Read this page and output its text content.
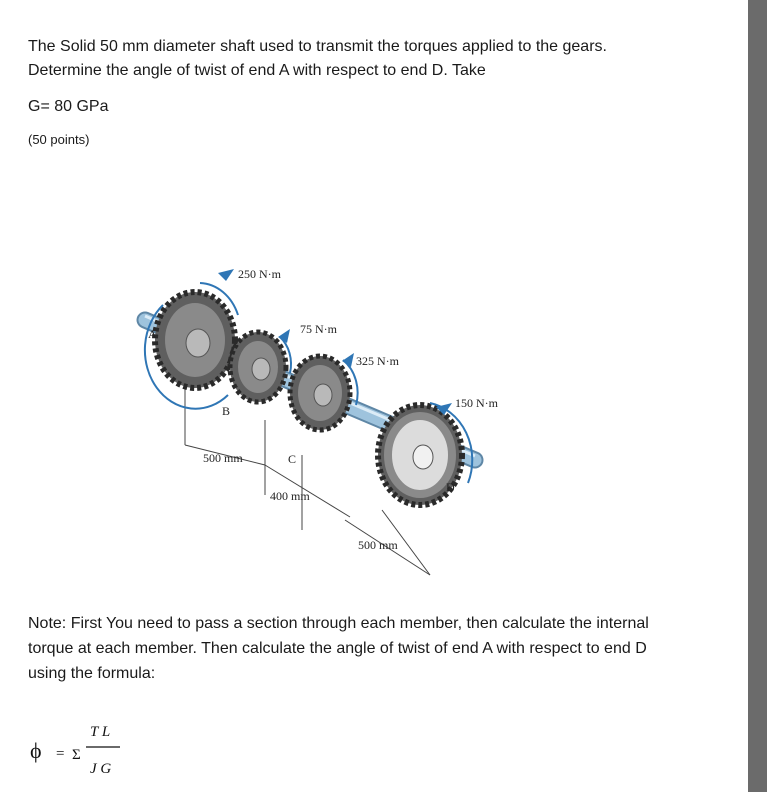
The Solid 50 mm diameter shaft used to transmit the torques applied to the gears. Determine the angle of twist of end A with respect to end D. Take

G= 80 GPa

(50 points)

250 N·m
75 N·m
325 N·m
150 N·m
A
B
C
D
500 mm
400 mm
500 mm

Note: First You need to pass a section through each member, then calculate the internal torque at each member. Then calculate the angle of twist of end A with respect to end D using the formula:

ϕ = Σ
T L
J G
